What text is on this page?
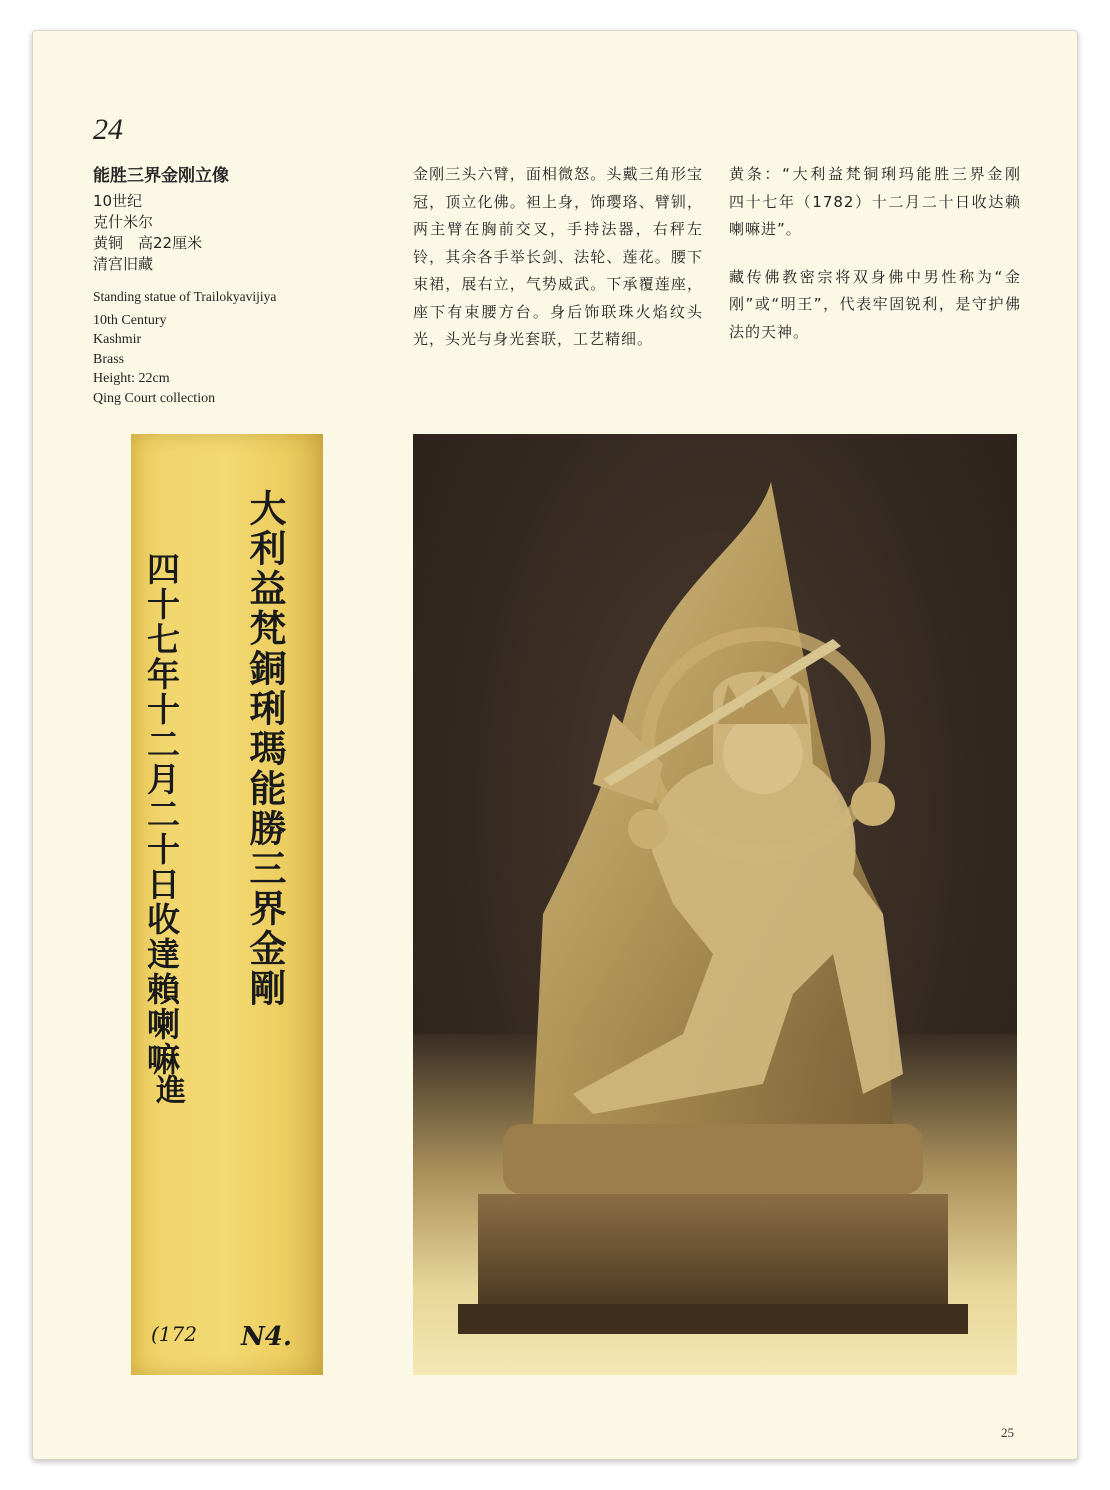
24
能胜三界金刚立像
10世纪
克什米尔
黄铜　高22厘米
清宫旧藏
Standing statue of Trailokyavijiya
10th Century
Kashmir
Brass
Height: 22cm
Qing Court collection

金刚三头六臂，面相微怒。头戴三角形宝冠，顶立化佛。袒上身，饰璎珞、臂钏，两主臂在胸前交叉，手持法器，右秤左铃，其余各手举长剑、法轮、莲花。腰下束裙，展右立，气势威武。下承覆莲座，座下有束腰方台。身后饰联珠火焰纹头光，头光与身光套联，工艺精细。

黄条：“大利益梵铜琍玛能胜三界金刚　四十七年（1782）十二月二十日收达赖喇嘛进”。

藏传佛教密宗将双身佛中男性称为“金刚”或“明王”，代表牢固锐利，是守护佛法的天神。

大利益梵銅琍瑪能勝三界金剛
四十七年十二月二十日收達賴喇嘛
進
(172 N4.
25
